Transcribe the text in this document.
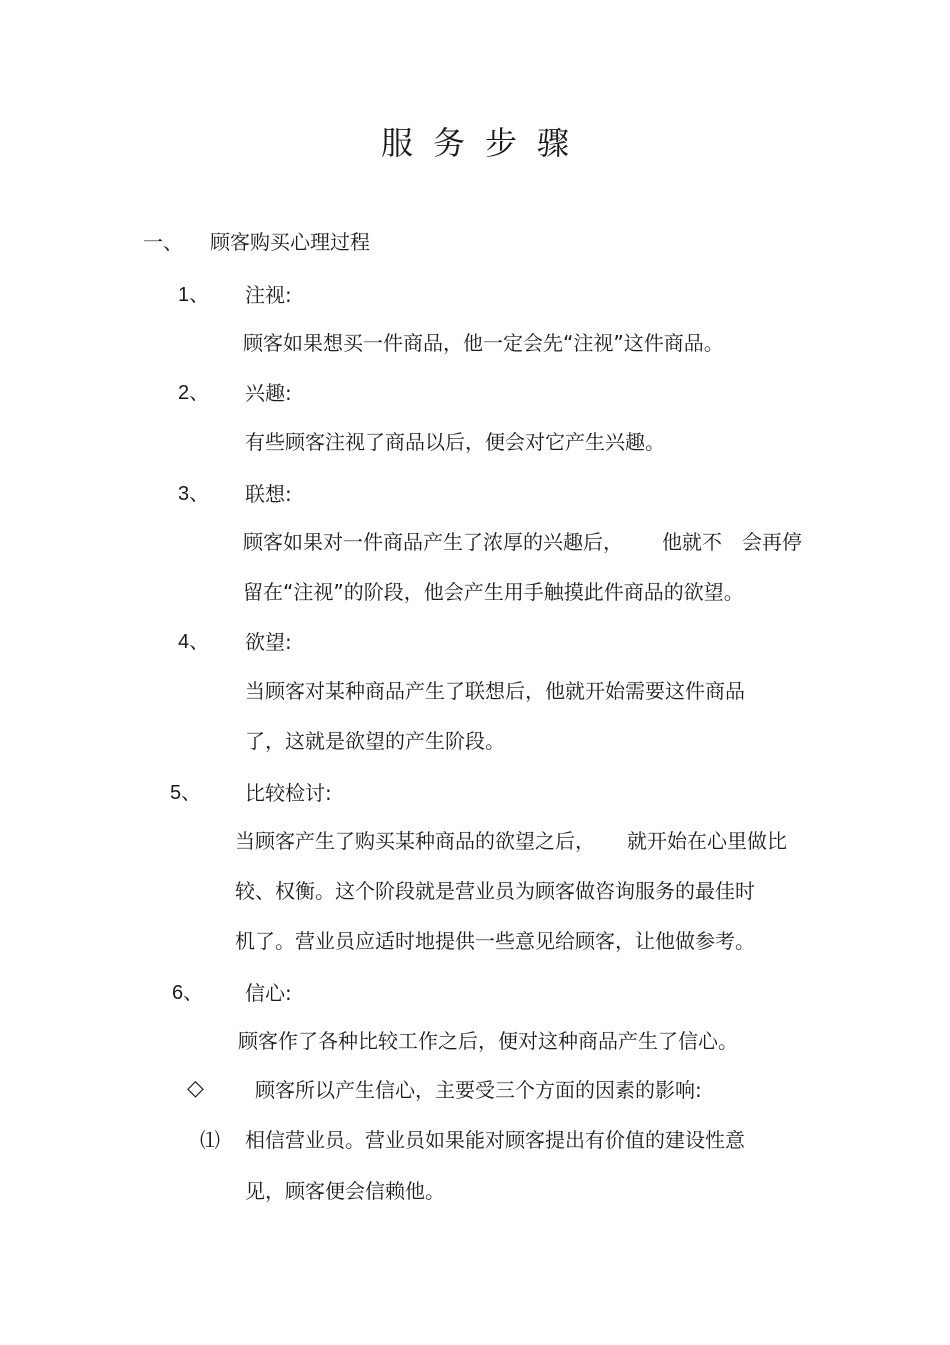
服务步骤
一、 顾客购买心理过程
1、 注视:
顾客如果想买一件商品，他一定会先“注视”这件商品。
2、 兴趣:
有些顾客注视了商品以后，便会对它产生兴趣。
3、 联想:
顾客如果对一件商品产生了浓厚的兴趣后， 他就不 会再停
留在“注视”的阶段，他会产生用手触摸此件商品的欲望。
4、 欲望:
当顾客对某种商品产生了联想后，他就开始需要这件商品
了，这就是欲望的产生阶段。
5、 比较检讨:
当顾客产生了购买某种商品的欲望之后， 就开始在心里做比
较、权衡。这个阶段就是营业员为顾客做咨询服务的最佳时
机了。营业员应适时地提供一些意见给顾客，让他做参考。
6、 信心:
顾客作了各种比较工作之后，便对这种商品产生了信心。
◇	顾客所以产生信心，主要受三个方面的因素的影响:
⑴ 相信营业员。营业员如果能对顾客提出有价值的建设性意
见，顾客便会信赖他。
